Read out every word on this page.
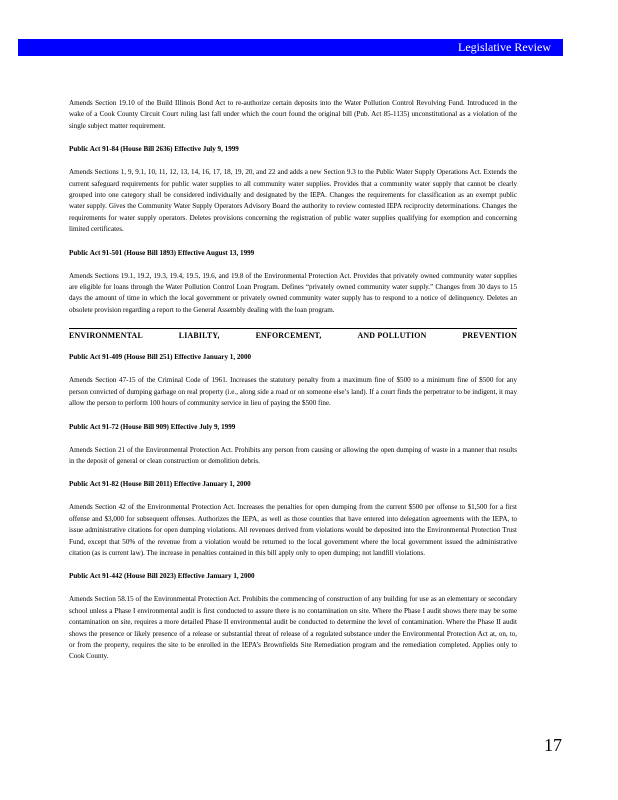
Legislative Review

Amends Section 19.10 of the Build Illinois Bond Act to re-authorize certain deposits into the Water Pollution Control Revolving Fund. Introduced in the wake of a Cook County Circuit Court ruling last fall under which the court found the original bill (Pub. Act 85-1135) unconstitutional as a violation of the single subject matter requirement.

Public Act 91-84 (House Bill 2636) Effective July 9, 1999

Amends Sections 1, 9, 9.1, 10, 11, 12, 13, 14, 16, 17, 18, 19, 20, and 22 and adds a new Section 9.3 to the Public Water Supply Operations Act. Extends the current safeguard requirements for public water supplies to all community water supplies. Provides that a community water supply that cannot be clearly grouped into one category shall be considered individually and designated by the IEPA. Changes the requirements for classification as an exempt public water supply. Gives the Community Water Supply Operators Advisory Board the authority to review contested IEPA reciprocity determinations. Changes the requirements for water supply operators. Deletes provisions concerning the registration of public water supplies qualifying for exemption and concerning limited certificates.

Public Act 91-501 (House Bill 1893) Effective August 13, 1999

Amends Sections 19.1, 19.2, 19.3, 19.4, 19.5, 19.6, and 19.8 of the Environmental Protection Act. Provides that privately owned community water supplies are eligible for loans through the Water Pollution Control Loan Program. Defines “privately owned community water supply.” Changes from 30 days to 15 days the amount of time in which the local government or privately owned community water supply has to respond to a notice of delinquency. Deletes an obsolete provision regarding a report to the General Assembly dealing with the loan program.

ENVIRONMENTAL	LIABILTY,	ENFORCEMENT,	AND POLLUTION	PREVENTION

Public Act 91-409 (House Bill 251) Effective January 1, 2000

Amends Section 47-15 of the Criminal Code of 1961. Increases the statutory penalty from a maximum fine of $500 to a minimum fine of $500 for any person convicted of dumping garbage on real property (i.e., along side a road or on someone else’s land). If a court finds the perpetrator to be indigent, it may allow the person to perform 100 hours of community service in lieu of paying the $500 fine.

Public Act 91-72 (House Bill 909) Effective July 9, 1999

Amends Section 21 of the Environmental Protection Act. Prohibits any person from causing or allowing the open dumping of waste in a manner that results in the deposit of general or clean construction or demolition debris.

Public Act 91-82 (House Bill 2011) Effective January 1, 2000

Amends Section 42 of the Environmental Protection Act. Increases the penalties for open dumping from the current $500 per offense to $1,500 for a first offense and $3,000 for subsequent offenses. Authorizes the IEPA, as well as those counties that have entered into delegation agreements with the IEPA, to issue administrative citations for open dumping violations. All revenues derived from violations would be deposited into the Environmental Protection Trust Fund, except that 50% of the revenue from a violation would be returned to the local government where the local government issued the administrative citation (as is current law). The increase in penalties contained in this bill apply only to open dumping; not landfill violations.

Public Act 91-442 (House Bill 2023) Effective January 1, 2000

Amends Section 58.15 of the Environmental Protection Act. Prohibits the commencing of construction of any building for use as an elementary or secondary school unless a Phase I environmental audit is first conducted to assure there is no contamination on site. Where the Phase I audit shows there may be some contamination on site, requires a more detailed Phase II environmental audit be conducted to determine the level of contamination. Where the Phase II audit shows the presence or likely presence of a release or substantial threat of release of a regulated substance under the Environmental Protection Act at, on, to, or from the property, requires the site to be enrolled in the IEPA’s Brownfields Site Remediation program and the remediation completed. Applies only to Cook County.

17
